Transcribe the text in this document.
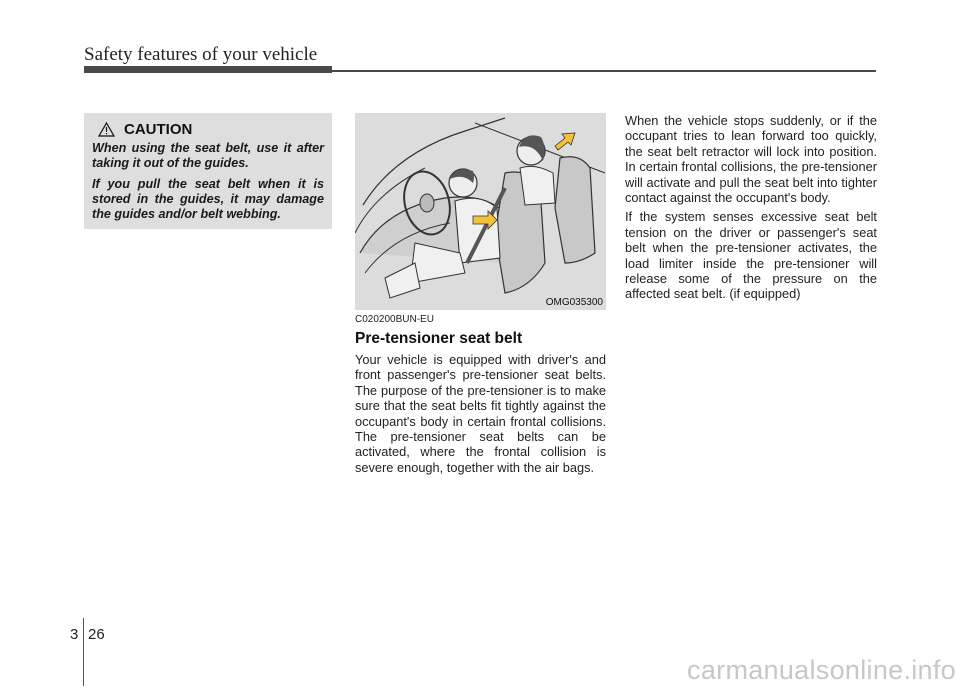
Safety features of your vehicle
CAUTION

When using the seat belt, use it after taking it out of the guides.

If you pull the seat belt when it is stored in the guides, it may damage the guides and/or belt webbing.

OMG035300
C020200BUN-EU
Pre-tensioner seat belt

Your vehicle is equipped with driver's and front passenger's pre-tensioner seat belts. The purpose of the pre-tensioner is to make sure that the seat belts fit tightly against the occupant's body in certain frontal collisions. The pre-tensioner seat belts can be activated, where the frontal collision is severe enough, together with the air bags.

When the vehicle stops suddenly, or if the occupant tries to lean forward too quickly, the seat belt retractor will lock into position. In certain frontal collisions, the pre-tensioner will activate and pull the seat belt into tighter contact against the occupant's body.

If the system senses excessive seat belt tension on the driver or passenger's seat belt when the pre-tensioner activates, the load limiter inside the pre-tensioner will release some of the pressure on the affected seat belt. (if equipped)

3 26
carmanualsonline.info
